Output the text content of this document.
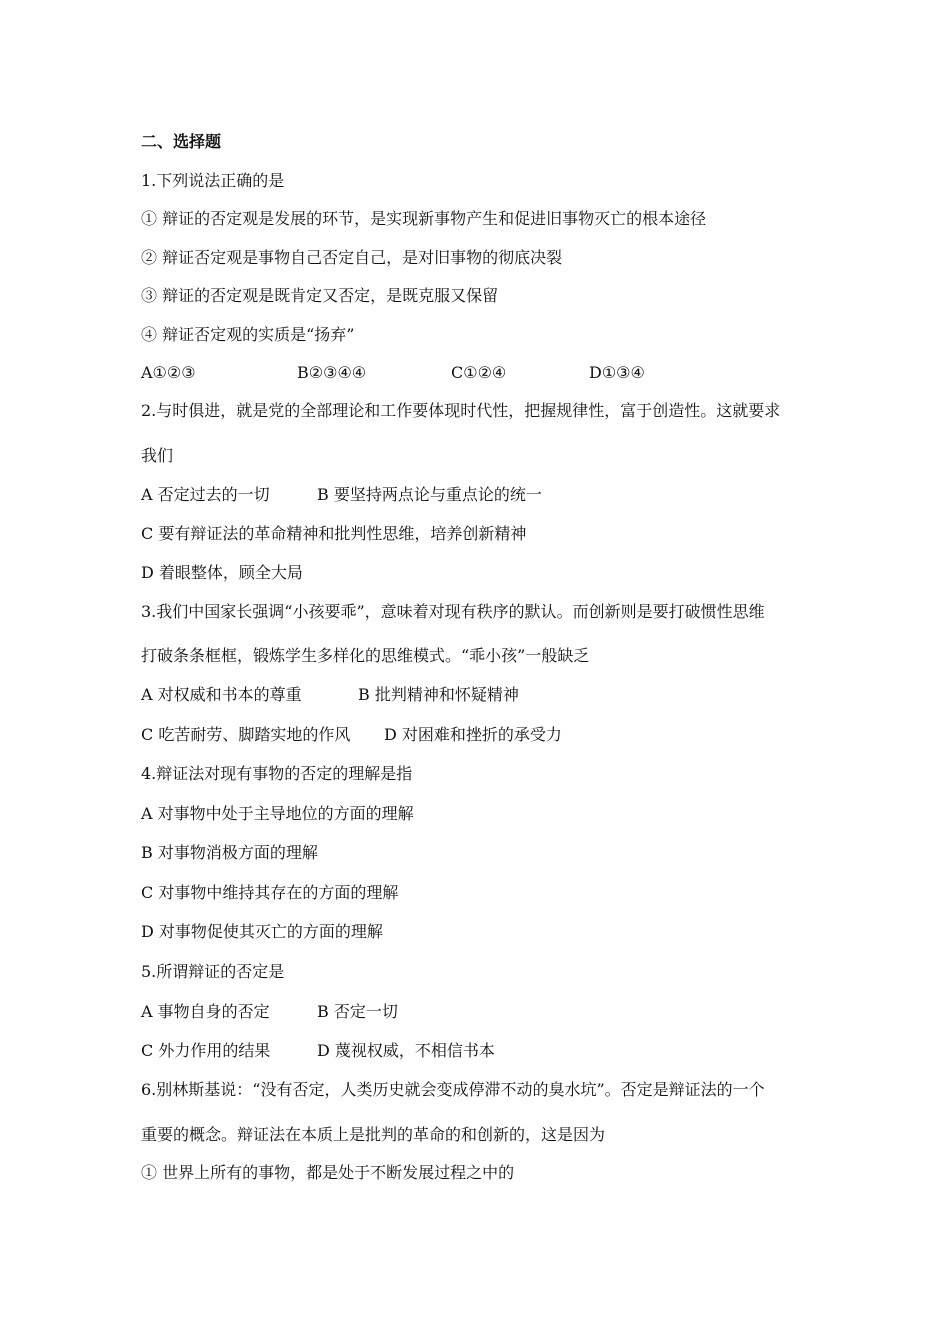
二、选择题
1.下列说法正确的是
① 辩证的否定观是发展的环节，是实现新事物产生和促进旧事物灭亡的根本途径
② 辩证否定观是事物自己否定自己，是对旧事物的彻底决裂
③ 辩证的否定观是既肯定又否定，是既克服又保留
④ 辩证否定观的实质是“扬弃”
A①②③	B②③④④	C①②④	D①③④
2.与时俱进，就是党的全部理论和工作要体现时代性，把握规律性，富于创造性。这就要求
我们
A 否定过去的一切	B 要坚持两点论与重点论的统一
C 要有辩证法的革命精神和批判性思维，培养创新精神
D 着眼整体，顾全大局
3.我们中国家长强调“小孩要乖”，意味着对现有秩序的默认。而创新则是要打破惯性思维
打破条条框框，锻炼学生多样化的思维模式。“乖小孩”一般缺乏
A 对权威和书本的尊重	B 批判精神和怀疑精神
C 吃苦耐劳、脚踏实地的作风 D 对困难和挫折的承受力
4.辩证法对现有事物的否定的理解是指
A 对事物中处于主导地位的方面的理解
B 对事物消极方面的理解
C 对事物中维持其存在的方面的理解
D 对事物促使其灭亡的方面的理解
5.所谓辩证的否定是
A 事物自身的否定	B 否定一切
C 外力作用的结果	D 蔑视权威，不相信书本
6.别林斯基说：“没有否定，人类历史就会变成停滞不动的臭水坑”。否定是辩证法的一个
重要的概念。辩证法在本质上是批判的革命的和创新的，这是因为
① 世界上所有的事物，都是处于不断发展过程之中的
